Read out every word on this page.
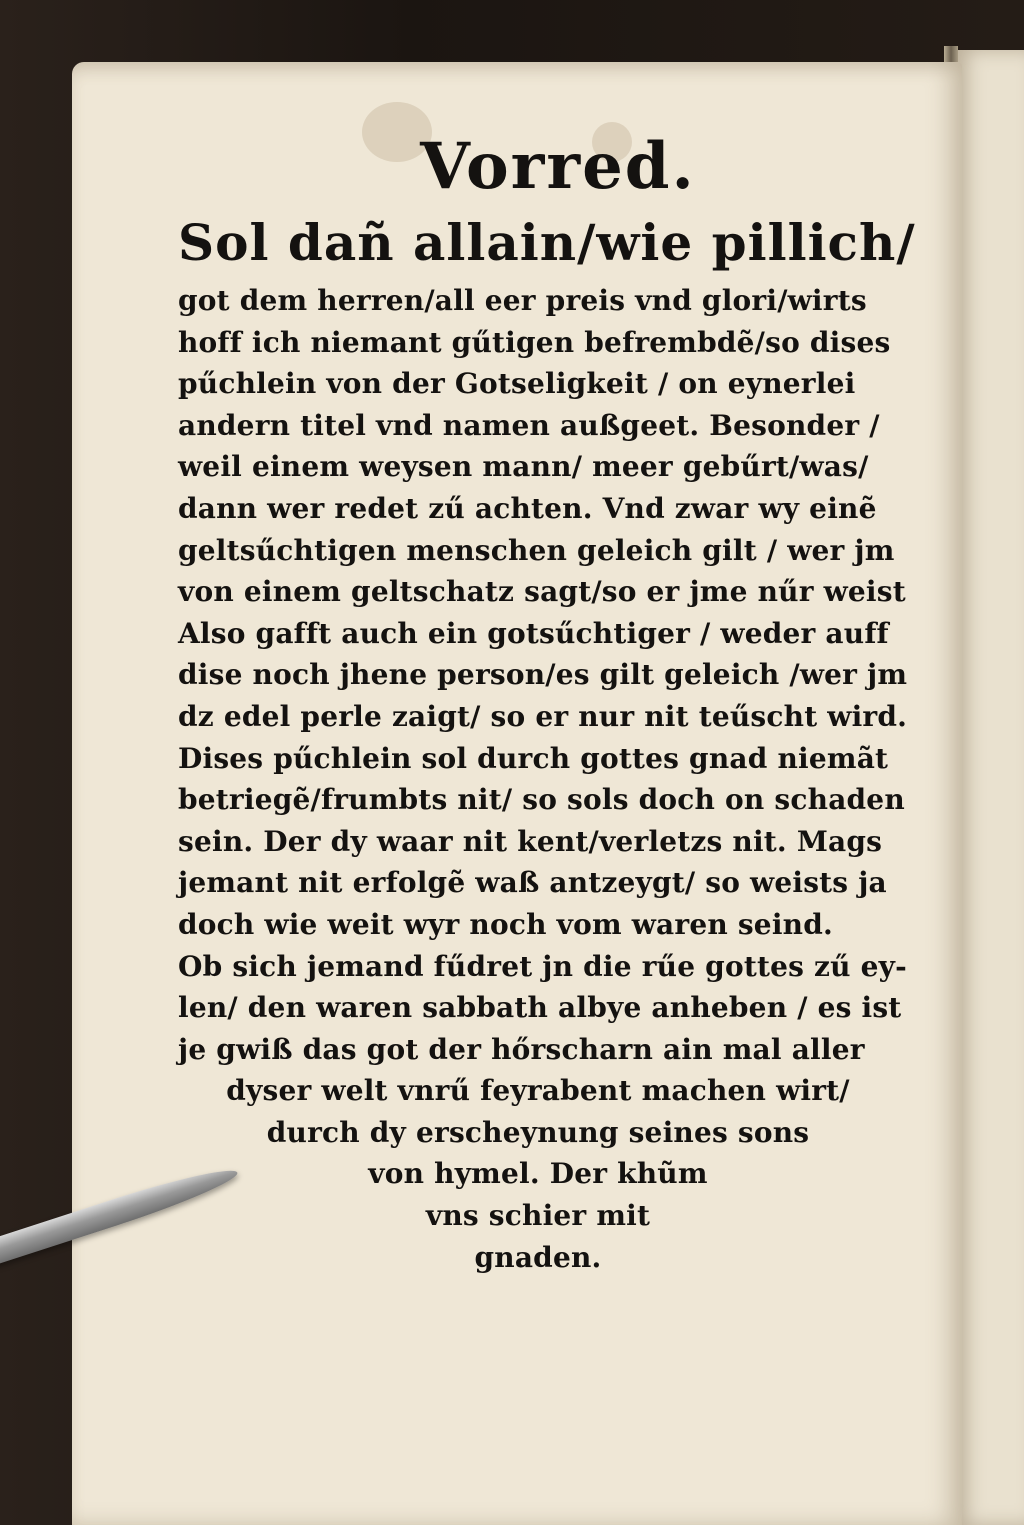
Vorred.
Sol dañ allain/wie pillich/
got dem herren/all eer preis vnd glori/wirts
hoff ich niemant gűtigen befrembdẽ/so dises
pűchlein von der Gotseligkeit / on eynerlei
andern titel vnd namen außgeet. Besonder /
weil einem weysen mann/ meer gebűrt/was/
dann wer redet zű achten. Vnd zwar wy einẽ
geltsűchtigen menschen geleich gilt / wer jm
von einem geltschatz sagt/so er jme nűr weist
Also gafft auch ein gotsűchtiger / weder auff
dise noch jhene person/es gilt geleich /wer jm
dz edel perle zaigt/ so er nur nit teűscht wird.
Dises pűchlein sol durch gottes gnad niemãt
betriegẽ/frumbts nit/ so sols doch on schaden
sein. Der dy waar nit kent/verletzs nit. Mags
jemant nit erfolgẽ waß antzeygt/ so weists ja
doch wie weit wyr noch vom waren seind.
Ob sich jemand fűdret jn die rűe gottes zű ey-
len/ den waren sabbath albye anheben / es ist
je gwiß das got der hőrscharn ain mal aller
dyser welt vnrű feyrabent machen wirt/
durch dy erscheynung seines sons
von hymel. Der khũm
vns schier mit
gnaden.
